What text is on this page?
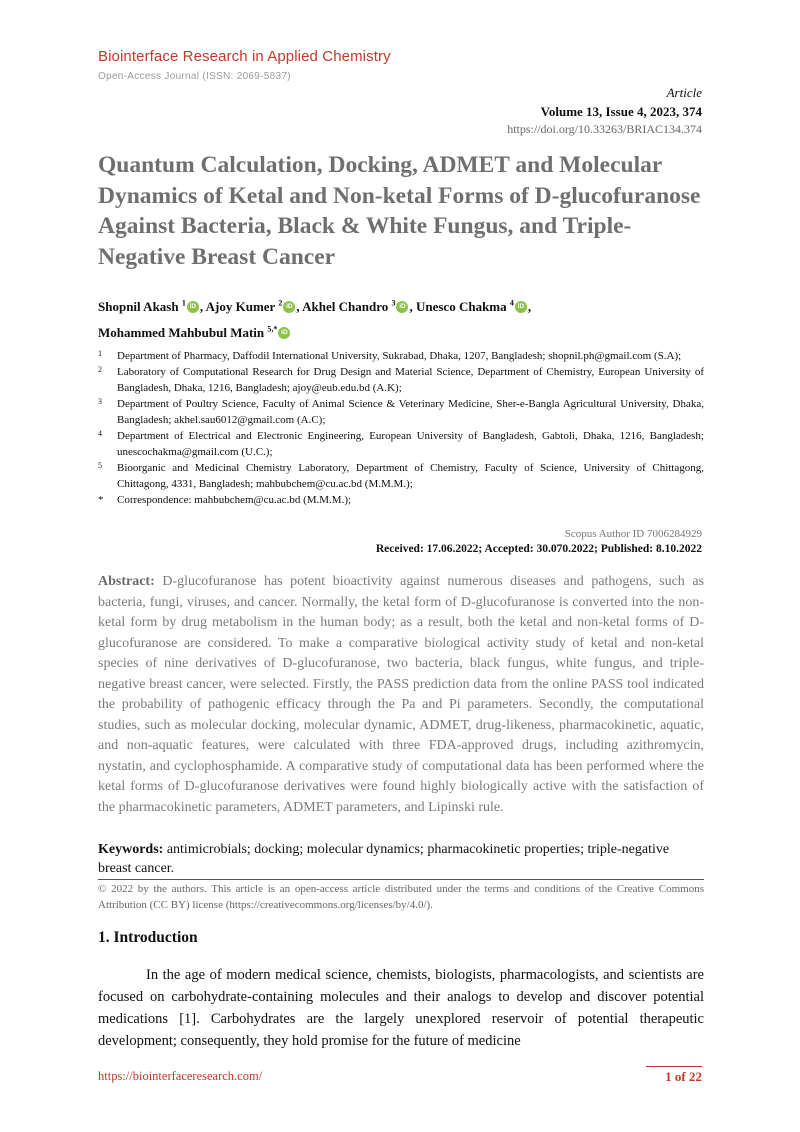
Biointerface Research in Applied Chemistry
Open-Access Journal (ISSN: 2069-5837)
Article
Volume 13, Issue 4, 2023, 374
https://doi.org/10.33263/BRIAC134.374
Quantum Calculation, Docking, ADMET and Molecular Dynamics of Ketal and Non-ketal Forms of D-glucofuranose Against Bacteria, Black & White Fungus, and Triple-Negative Breast Cancer
Shopnil Akash $^1$ iD , Ajoy Kumer $^2$ iD , Akhel Chandro $^3$ iD , Unesco Chakma $^4$ iD ,
Mohammed Mahbubul Matin $^{5,*}$ iD
1 Department of Pharmacy, Daffodil International University, Sukrabad, Dhaka, 1207, Bangladesh; shopnil.ph@gmail.com (S.A);
2 Laboratory of Computational Research for Drug Design and Material Science, Department of Chemistry, European University of Bangladesh, Dhaka, 1216, Bangladesh; ajoy@eub.edu.bd (A.K);
3 Department of Poultry Science, Faculty of Animal Science & Veterinary Medicine, Sher-e-Bangla Agricultural University, Dhaka, Bangladesh; akhel.sau6012@gmail.com (A.C);
4 Department of Electrical and Electronic Engineering, European University of Bangladesh, Gabtoli, Dhaka, 1216, Bangladesh; unescochakma@gmail.com (U.C.);
5 Bioorganic and Medicinal Chemistry Laboratory, Department of Chemistry, Faculty of Science, University of Chittagong, Chittagong, 4331, Bangladesh; mahbubchem@cu.ac.bd (M.M.M.);
* Correspondence: mahbubchem@cu.ac.bd (M.M.M.);
Scopus Author ID 7006284929
Received: 17.06.2022; Accepted: 30.070.2022; Published: 8.10.2022
Abstract: D-glucofuranose has potent bioactivity against numerous diseases and pathogens, such as bacteria, fungi, viruses, and cancer. Normally, the ketal form of D-glucofuranose is converted into the non-ketal form by drug metabolism in the human body; as a result, both the ketal and non-ketal forms of D-glucofuranose are considered. To make a comparative biological activity study of ketal and non-ketal species of nine derivatives of D-glucofuranose, two bacteria, black fungus, white fungus, and triple-negative breast cancer, were selected. Firstly, the PASS prediction data from the online PASS tool indicated the probability of pathogenic efficacy through the Pa and Pi parameters. Secondly, the computational studies, such as molecular docking, molecular dynamic, ADMET, drug-likeness, pharmacokinetic, aquatic, and non-aquatic features, were calculated with three FDA-approved drugs, including azithromycin, nystatin, and cyclophosphamide. A comparative study of computational data has been performed where the ketal forms of D-glucofuranose derivatives were found highly biologically active with the satisfaction of the pharmacokinetic parameters, ADMET parameters, and Lipinski rule.
Keywords: antimicrobials; docking; molecular dynamics; pharmacokinetic properties; triple-negative breast cancer.
© 2022 by the authors. This article is an open-access article distributed under the terms and conditions of the Creative Commons Attribution (CC BY) license (https://creativecommons.org/licenses/by/4.0/).
1. Introduction
In the age of modern medical science, chemists, biologists, pharmacologists, and scientists are focused on carbohydrate-containing molecules and their analogs to develop and discover potential medications [1]. Carbohydrates are the largely unexplored reservoir of potential therapeutic development; consequently, they hold promise for the future of medicine
https://biointerfaceresearch.com/	1 of 22
